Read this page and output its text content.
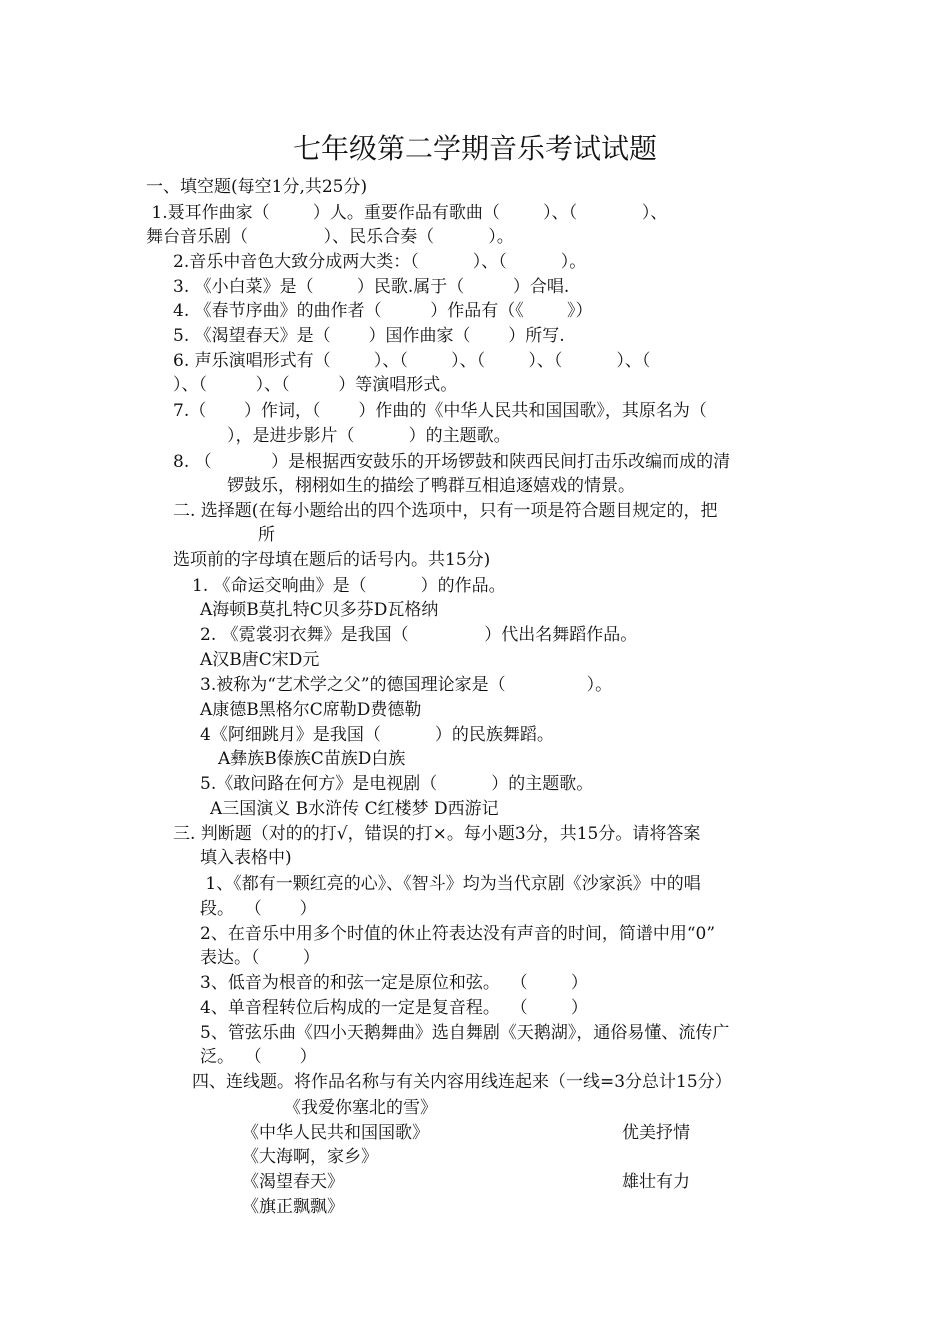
七年级第二学期音乐考试试题
一、填空题(每空1分,共25分)
1.聂耳作曲家（        ）人。重要作品有歌曲（        ）、（            ）、
舞台音乐剧（              ）、民乐合奏（          ）。
2.音乐中音色大致分成两大类：（          ）、（          ）。
3. 《小白菜》是（        ）民歌.属于（         ）合唱.
4. 《春节序曲》的曲作者（         ）作品有（《        》）
5. 《渴望春天》是（       ）国作曲家（       ）所写.
6. 声乐演唱形式有（        ）、（        ）、（        ）、（          ）、（
）、（         ）、（         ）等演唱形式。
7.（       ）作词，（       ）作曲的《中华人民共和国国歌》，其原名为（
），是进步影片（          ）的主题歌。
8. （           ）是根据西安鼓乐的开场锣鼓和陕西民间打击乐改编而成的清
锣鼓乐，栩栩如生的描绘了鸭群互相追逐嬉戏的情景。
二. 选择题(在每小题给出的四个选项中，只有一项是符合题目规定的，把
所
选项前的字母填在题后的话号内。共15分)
1. 《命运交响曲》是（          ）的作品。
A海顿B莫扎特C贝多芬D瓦格纳
2. 《霓裳羽衣舞》是我国（              ）代出名舞蹈作品。
A汉B唐C宋D元
3.被称为“艺术学之父”的德国理论家是（               ）。
A康德B黑格尔C席勒D费德勒
4《阿细跳月》是我国（          ）的民族舞蹈。
A彝族B傣族C苗族D白族
5.《敢问路在何方》是电视剧（          ）的主题歌。
A三国演义 B水浒传 C红楼梦 D西游记
三. 判断题（对的的打√，错误的打×。每小题3分，共15分。请将答案
填入表格中)
1、《都有一颗红亮的心》、《智斗》均为当代京剧《沙家浜》中的唱
段。  （       ）
2、在音乐中用多个时值的休止符表达没有声音的时间，简谱中用“0”
表达。（        ）
3、低音为根音的和弦一定是原位和弦。  （        ）
4、单音程转位后构成的一定是复音程。  （        ）
5、管弦乐曲《四小天鹅舞曲》选自舞剧《天鹅湖》，通俗易懂、流传广
泛。  （       ）
四、连线题。将作品名称与有关内容用线连起来（一线=3分总计15分）
《我爱你塞北的雪》
《中华人民共和国国歌》
《大海啊，家乡》
《渴望春天》
《旗正飘飘》
优美抒情
雄壮有力
